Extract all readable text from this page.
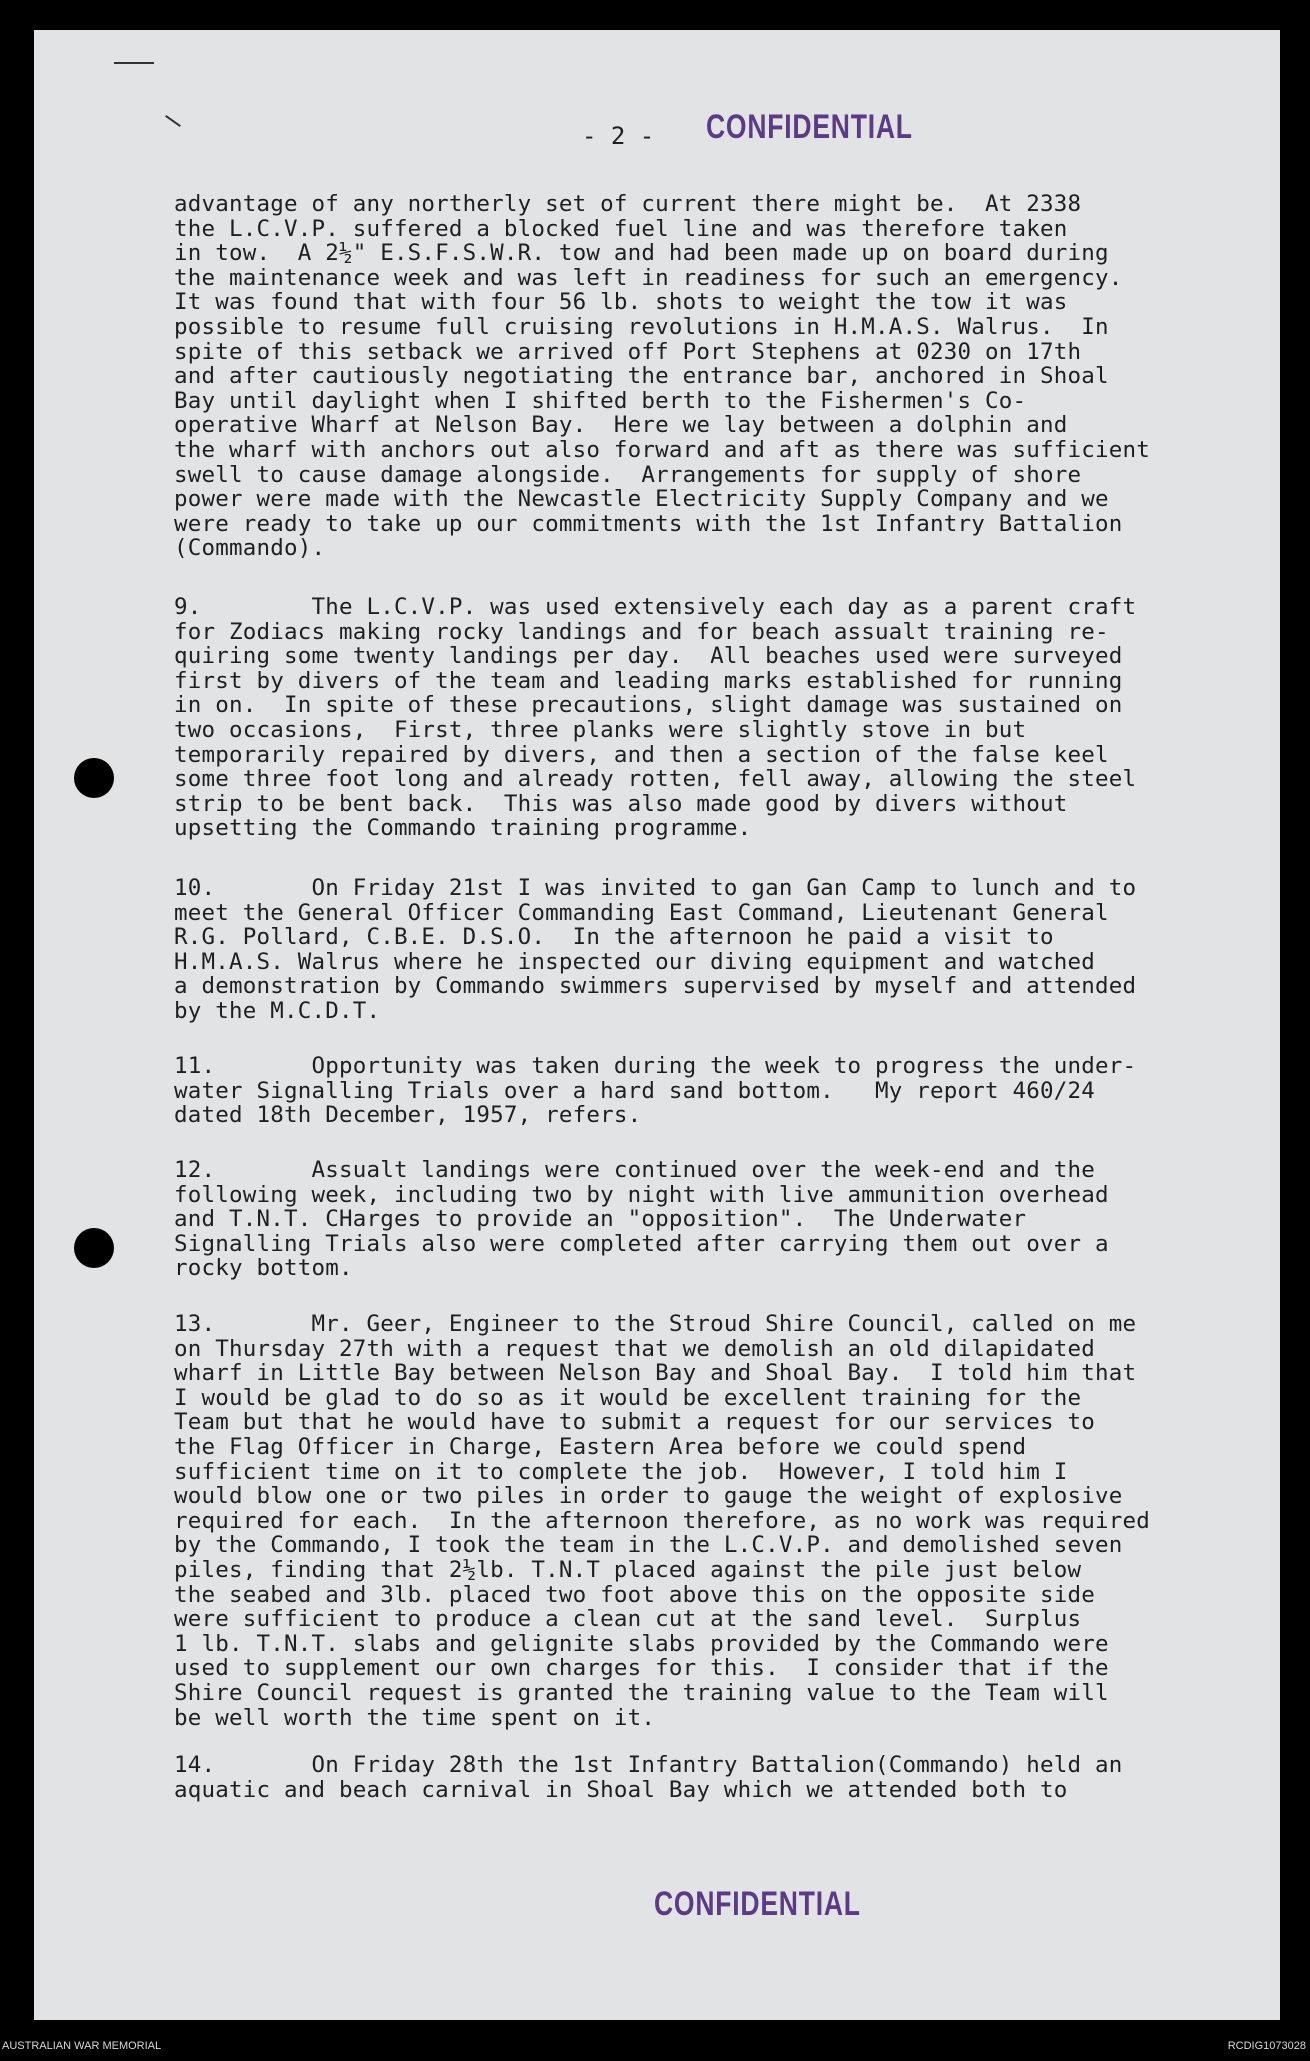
- 2 - CONFIDENTIAL
advantage of any northerly set of current there might be.  At 2338
the L.C.V.P. suffered a blocked fuel line and was therefore taken
in tow.  A 2½" E.S.F.S.W.R. tow and had been made up on board during
the maintenance week and was left in readiness for such an emergency.
It was found that with four 56 lb. shots to weight the tow it was
possible to resume full cruising revolutions in H.M.A.S. Walrus.  In
spite of this setback we arrived off Port Stephens at 0230 on 17th
and after cautiously negotiating the entrance bar, anchored in Shoal
Bay until daylight when I shifted berth to the Fishermen's Co-
operative Wharf at Nelson Bay.  Here we lay between a dolphin and
the wharf with anchors out also forward and aft as there was sufficient
swell to cause damage alongside.  Arrangements for supply of shore
power were made with the Newcastle Electricity Supply Company and we
were ready to take up our commitments with the 1st Infantry Battalion
(Commando).
9.        The L.C.V.P. was used extensively each day as a parent craft
for Zodiacs making rocky landings and for beach assualt training re-
quiring some twenty landings per day.  All beaches used were surveyed
first by divers of the team and leading marks established for running
in on.  In spite of these precautions, slight damage was sustained on
two occasions,  First, three planks were slightly stove in but
temporarily repaired by divers, and then a section of the false keel
some three foot long and already rotten, fell away, allowing the steel
strip to be bent back.  This was also made good by divers without
upsetting the Commando training programme.
10.       On Friday 21st I was invited to gan Gan Camp to lunch and to
meet the General Officer Commanding East Command, Lieutenant General
R.G. Pollard, C.B.E. D.S.O.  In the afternoon he paid a visit to
H.M.A.S. Walrus where he inspected our diving equipment and watched
a demonstration by Commando swimmers supervised by myself and attended
by the M.C.D.T.
11.       Opportunity was taken during the week to progress the under-
water Signalling Trials over a hard sand bottom.   My report 460/24
dated 18th December, 1957, refers.
12.       Assualt landings were continued over the week-end and the
following week, including two by night with live ammunition overhead
and T.N.T. CHarges to provide an "opposition".  The Underwater
Signalling Trials also were completed after carrying them out over a
rocky bottom.
13.       Mr. Geer, Engineer to the Stroud Shire Council, called on me
on Thursday 27th with a request that we demolish an old dilapidated
wharf in Little Bay between Nelson Bay and Shoal Bay.  I told him that
I would be glad to do so as it would be excellent training for the
Team but that he would have to submit a request for our services to
the Flag Officer in Charge, Eastern Area before we could spend
sufficient time on it to complete the job.  However, I told him I
would blow one or two piles in order to gauge the weight of explosive
required for each.  In the afternoon therefore, as no work was required
by the Commando, I took the team in the L.C.V.P. and demolished seven
piles, finding that 2½lb. T.N.T placed against the pile just below
the seabed and 3lb. placed two foot above this on the opposite side
were sufficient to produce a clean cut at the sand level.  Surplus
1 lb. T.N.T. slabs and gelignite slabs provided by the Commando were
used to supplement our own charges for this.  I consider that if the
Shire Council request is granted the training value to the Team will
be well worth the time spent on it.
14.       On Friday 28th the 1st Infantry Battalion(Commando) held an
aquatic and beach carnival in Shoal Bay which we attended both to
CONFIDENTIAL
AUSTRALIAN WAR MEMORIAL	RCDIG1073028
